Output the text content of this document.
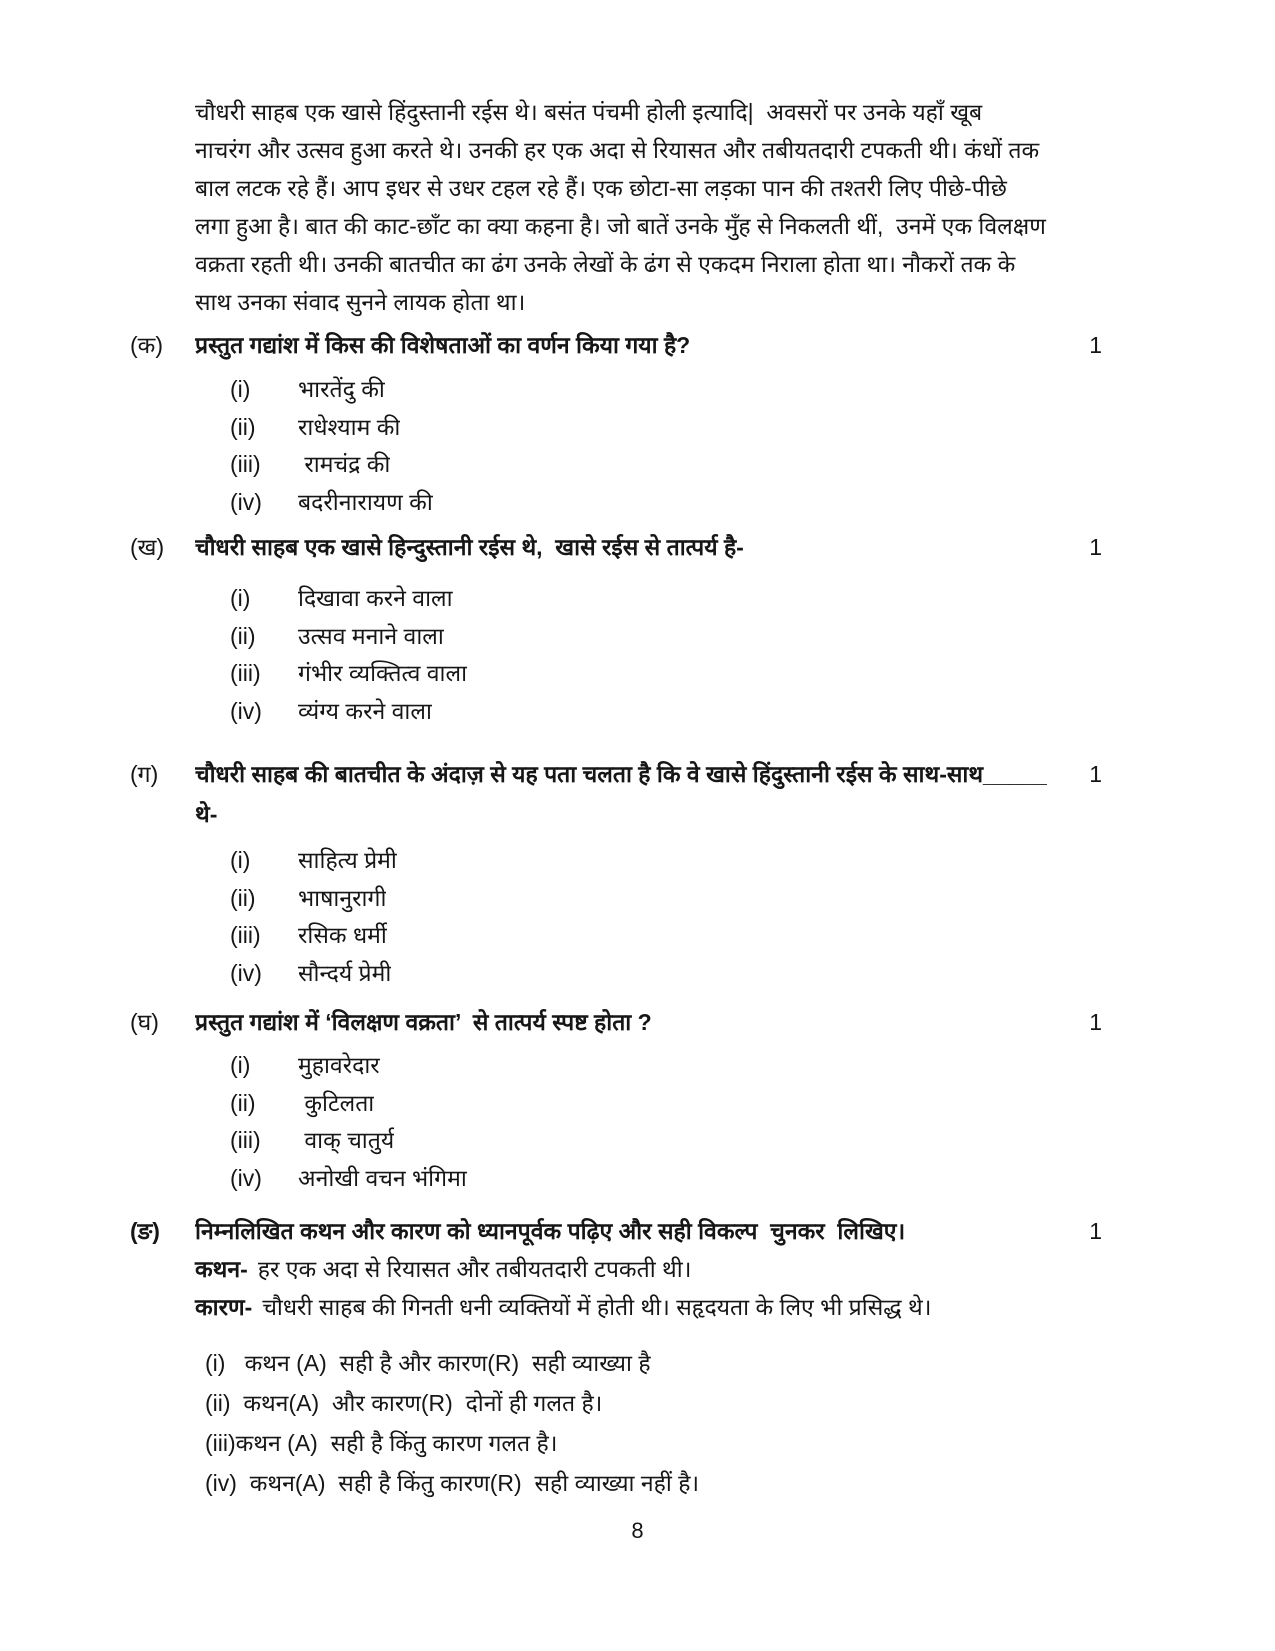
चौधरी साहब एक खासे हिंदुस्तानी रईस थे। बसंत पंचमी होली इत्यादि|  अवसरों पर उनके यहाँ खूब
नाचरंग और उत्सव हुआ करते थे। उनकी हर एक अदा से रियासत और तबीयतदारी टपकती थी। कंधों तक
बाल लटक रहे हैं। आप इधर से उधर टहल रहे हैं। एक छोटा-सा लड़का पान की तश्तरी लिए पीछे-पीछे
लगा हुआ है। बात की काट-छाँट का क्या कहना है। जो बातें उनके मुँह से निकलती थीं,  उनमें एक विलक्षण
वक्रता रहती थी। उनकी बातचीत का ढंग उनके लेखों के ढंग से एकदम निराला होता था। नौकरों तक के
साथ उनका संवाद सुनने लायक होता था।
(क)	प्रस्तुत गद्यांश में किस की विशेषताओं का वर्णन किया गया है?	1
(i)	भारतेंदु की
(ii)	राधेश्याम की
(iii)	रामचंद्र की
(iv)	बदरीनारायण की
(ख)	चौधरी साहब एक खासे हिन्दुस्तानी रईस थे,  खासे रईस से तात्पर्य है-	1
(i)	दिखावा करने वाला
(ii)	उत्सव मनाने वाला
(iii)	गंभीर व्यक्तित्व वाला
(iv)	व्यंग्य करने वाला
(ग)	चौधरी साहब की बातचीत के अंदाज़ से यह पता चलता है कि वे खासे हिंदुस्तानी रईस के साथ-साथ_____ 1
थे-
(i)	साहित्य प्रेमी
(ii)	भाषानुरागी
(iii)	रसिक धर्मी
(iv)	सौन्दर्य प्रेमी
(घ)	प्रस्तुत गद्यांश में ‘विलक्षण वक्रता’  से तात्पर्य स्पष्ट होता ?	1
(i)	मुहावरेदार
(ii)	कुटिलता
(iii)	वाक् चातुर्य
(iv)	अनोखी वचन भंगिमा
(ङ)	निम्नलिखित कथन और कारण को ध्यानपूर्वक पढ़िए और सही विकल्प  चुनकर  लिखिए।	1
कथन- हर एक अदा से रियासत और तबीयतदारी टपकती थी।
कारण- चौधरी साहब की गिनती धनी व्यक्तियों में होती थी। सहृदयता के लिए भी प्रसिद्ध थे।
(i)   कथन (A)  सही है और कारण(R)  सही व्याख्या है
(ii)  कथन(A)  और कारण(R)  दोनों ही गलत है।
(iii)कथन (A)  सही है किंतु कारण गलत है।
(iv)  कथन(A)  सही है किंतु कारण(R)  सही व्याख्या नहीं है।
8
